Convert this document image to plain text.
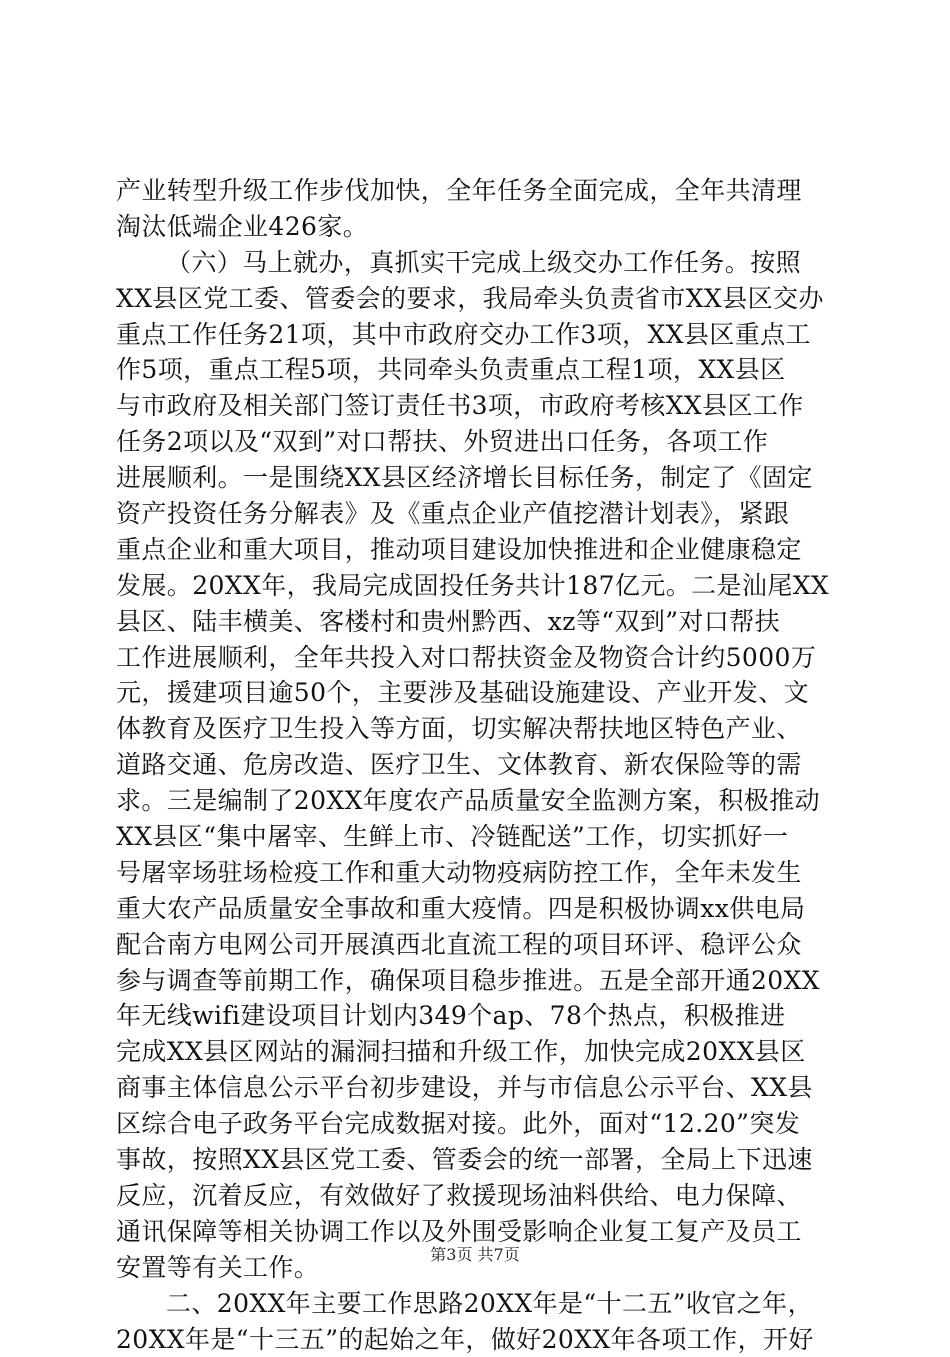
产业转型升级工作步伐加快，全年任务全面完成，全年共清理
淘汰低端企业426家。
（六）马上就办，真抓实干完成上级交办工作任务。按照
XX县区党工委、管委会的要求，我局牵头负责省市XX县区交办
重点工作任务21项，其中市政府交办工作3项，XX县区重点工
作5项，重点工程5项，共同牵头负责重点工程1项，XX县区
与市政府及相关部门签订责任书3项，市政府考核XX县区工作
任务2项以及“双到”对口帮扶、外贸进出口任务，各项工作
进展顺利。一是围绕XX县区经济增长目标任务，制定了《固定
资产投资任务分解表》及《重点企业产值挖潜计划表》，紧跟
重点企业和重大项目，推动项目建设加快推进和企业健康稳定
发展。20XX年，我局完成固投任务共计187亿元。二是汕尾XX
县区、陆丰横美、客楼村和贵州黔西、xz等“双到”对口帮扶
工作进展顺利，全年共投入对口帮扶资金及物资合计约5000万
元，援建项目逾50个，主要涉及基础设施建设、产业开发、文
体教育及医疗卫生投入等方面，切实解决帮扶地区特色产业、
道路交通、危房改造、医疗卫生、文体教育、新农保险等的需
求。三是编制了20XX年度农产品质量安全监测方案，积极推动
XX县区“集中屠宰、生鲜上市、冷链配送”工作，切实抓好一
号屠宰场驻场检疫工作和重大动物疫病防控工作，全年未发生
重大农产品质量安全事故和重大疫情。四是积极协调xx供电局
配合南方电网公司开展滇西北直流工程的项目环评、稳评公众
参与调查等前期工作，确保项目稳步推进。五是全部开通20XX
年无线wifi建设项目计划内349个ap、78个热点，积极推进
完成XX县区网站的漏洞扫描和升级工作，加快完成20XX县区
商事主体信息公示平台初步建设，并与市信息公示平台、XX县
区综合电子政务平台完成数据对接。此外，面对“12.20”突发
事故，按照XX县区党工委、管委会的统一部署，全局上下迅速
反应，沉着反应，有效做好了救援现场油料供给、电力保障、
通讯保障等相关协调工作以及外围受影响企业复工复产及员工
安置等有关工作。
二、20XX年主要工作思路20XX年是“十二五”收官之年，
20XX年是“十三五”的起始之年，做好20XX年各项工作，开好
第3页 共7页
